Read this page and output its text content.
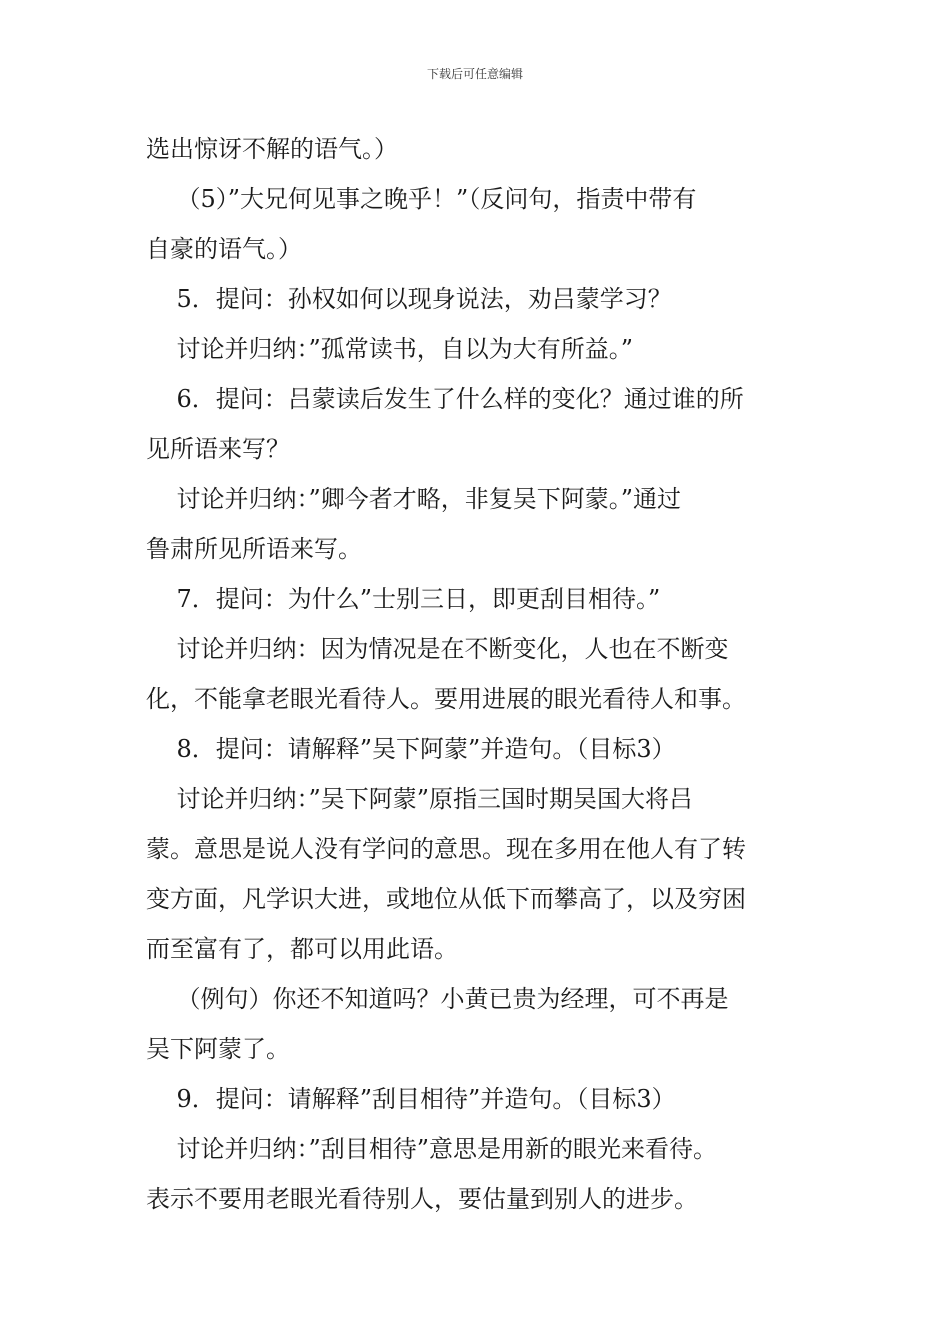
下载后可任意编辑

选出惊讶不解的语气。）

（5）”大兄何见事之晚乎！”（反问句，指责中带有

自豪的语气。）

5．提问：孙权如何以现身说法，劝吕蒙学习？

讨论并归纳：”孤常读书，自以为大有所益。”

6．提问：吕蒙读后发生了什么样的变化？通过谁的所

见所语来写？

讨论并归纳：”卿今者才略，非复吴下阿蒙。”通过

鲁肃所见所语来写。

7．提问：为什么”士别三日，即更刮目相待。”

讨论并归纳：因为情况是在不断变化，人也在不断变

化，不能拿老眼光看待人。要用进展的眼光看待人和事。

8．提问：请解释”吴下阿蒙”并造句。（目标3）

讨论并归纳：”吴下阿蒙”原指三国时期吴国大将吕

蒙。意思是说人没有学问的意思。现在多用在他人有了转

变方面，凡学识大进，或地位从低下而攀高了，以及穷困

而至富有了，都可以用此语。

（例句）你还不知道吗？小黄已贵为经理，可不再是

吴下阿蒙了。

9．提问：请解释”刮目相待”并造句。（目标3）

讨论并归纳：”刮目相待”意思是用新的眼光来看待。

表示不要用老眼光看待别人，要估量到别人的进步。
